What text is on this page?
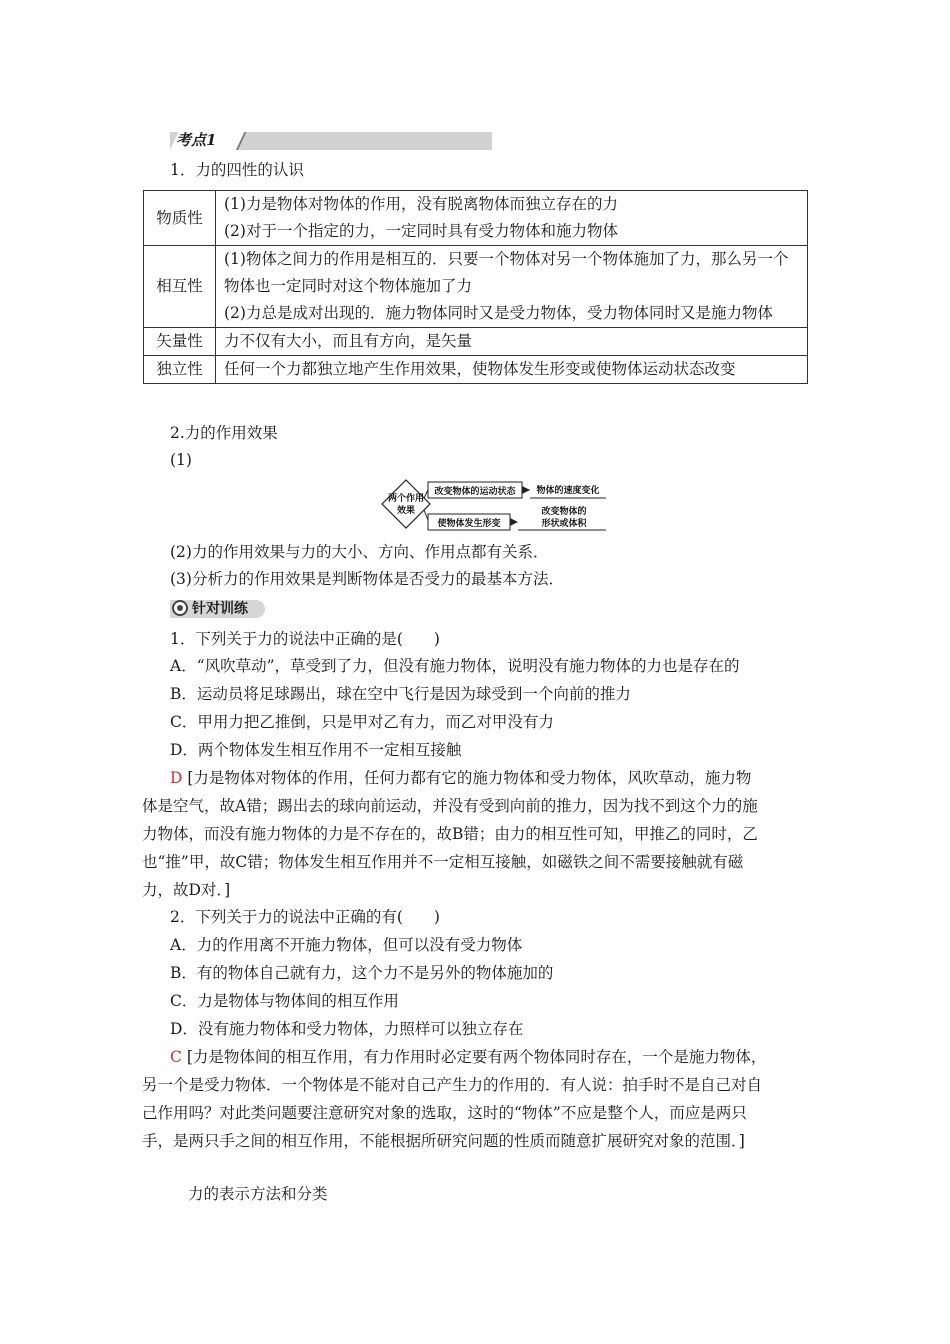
考点1
1．力的四性的认识
物质性	(1)力是物体对物体的作用，没有脱离物体而独立存在的力
(2)对于一个指定的力，一定同时具有受力物体和施力物体

相互性	(1)物体之间力的作用是相互的．只要一个物体对另一个物体施加了力，那么另一个物体也一定同时对这个物体施加了力
(2)力总是成对出现的．施力物体同时又是受力物体，受力物体同时又是施力物体

矢量性	力不仅有大小，而且有方向，是矢量

独立性	任何一个力都独立地产生作用效果，使物体发生形变或使物体运动状态改变
2.力的作用效果
(1)
两个作用
效果
改变物体的运动状态 物体的速度变化
使物体发生形变
改变物体的
形状或体积
(2)力的作用效果与力的大小、方向、作用点都有关系．
(3)分析力的作用效果是判断物体是否受力的最基本方法．
针对训练
1．下列关于力的说法中正确的是(　　)
A．“风吹草动”，草受到了力，但没有施力物体，说明没有施力物体的力也是存在的
B．运动员将足球踢出，球在空中飞行是因为球受到一个向前的推力
C．甲用力把乙推倒，只是甲对乙有力，而乙对甲没有力
D．两个物体发生相互作用不一定相互接触
D [力是物体对物体的作用，任何力都有它的施力物体和受力物体，风吹草动，施力物
体是空气，故A错；踢出去的球向前运动，并没有受到向前的推力，因为找不到这个力的施
力物体，而没有施力物体的力是不存在的，故B错；由力的相互性可知，甲推乙的同时，乙
也“推”甲，故C错；物体发生相互作用并不一定相互接触，如磁铁之间不需要接触就有磁
力，故D对．]
2．下列关于力的说法中正确的有(　　)
A．力的作用离不开施力物体，但可以没有受力物体
B．有的物体自己就有力，这个力不是另外的物体施加的
C．力是物体与物体间的相互作用
D．没有施力物体和受力物体，力照样可以独立存在
C [力是物体间的相互作用，有力作用时必定要有两个物体同时存在，一个是施力物体，
另一个是受力物体．一个物体是不能对自己产生力的作用的．有人说：拍手时不是自己对自
己作用吗？对此类问题要注意研究对象的选取，这时的“物体”不应是整个人，而应是两只
手，是两只手之间的相互作用，不能根据所研究问题的性质而随意扩展研究对象的范围．]
力的表示方法和分类
